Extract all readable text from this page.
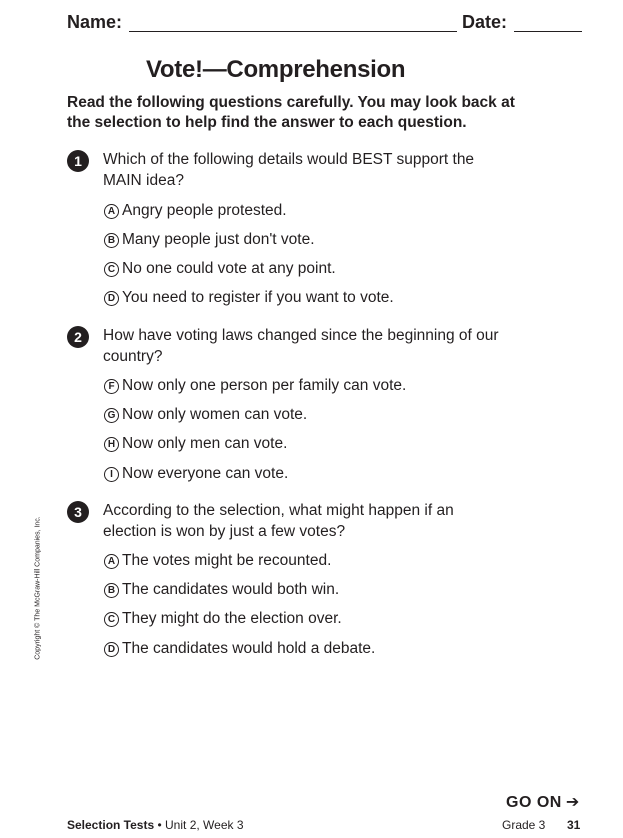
Name:	Date:
Vote!—Comprehension

Read the following questions carefully. You may look back at the selection to help find the answer to each question.

1	Which of the following details would BEST support the MAIN idea?

A Angry people protested.
B Many people just don't vote.
C No one could vote at any point.
D You need to register if you want to vote.
2	How have voting laws changed since the beginning of our country?

F Now only one person per family can vote.
G Now only women can vote.
H Now only men can vote.
I Now everyone can vote.
3	According to the selection, what might happen if an election is won by just a few votes?

A The votes might be recounted.
B The candidates would both win.
C They might do the election over.
D The candidates would hold a debate.
Copyright © The McGraw-Hill Companies, Inc.
GO ON ➔
Selection Tests • Unit 2, Week 3	Grade 3 31
